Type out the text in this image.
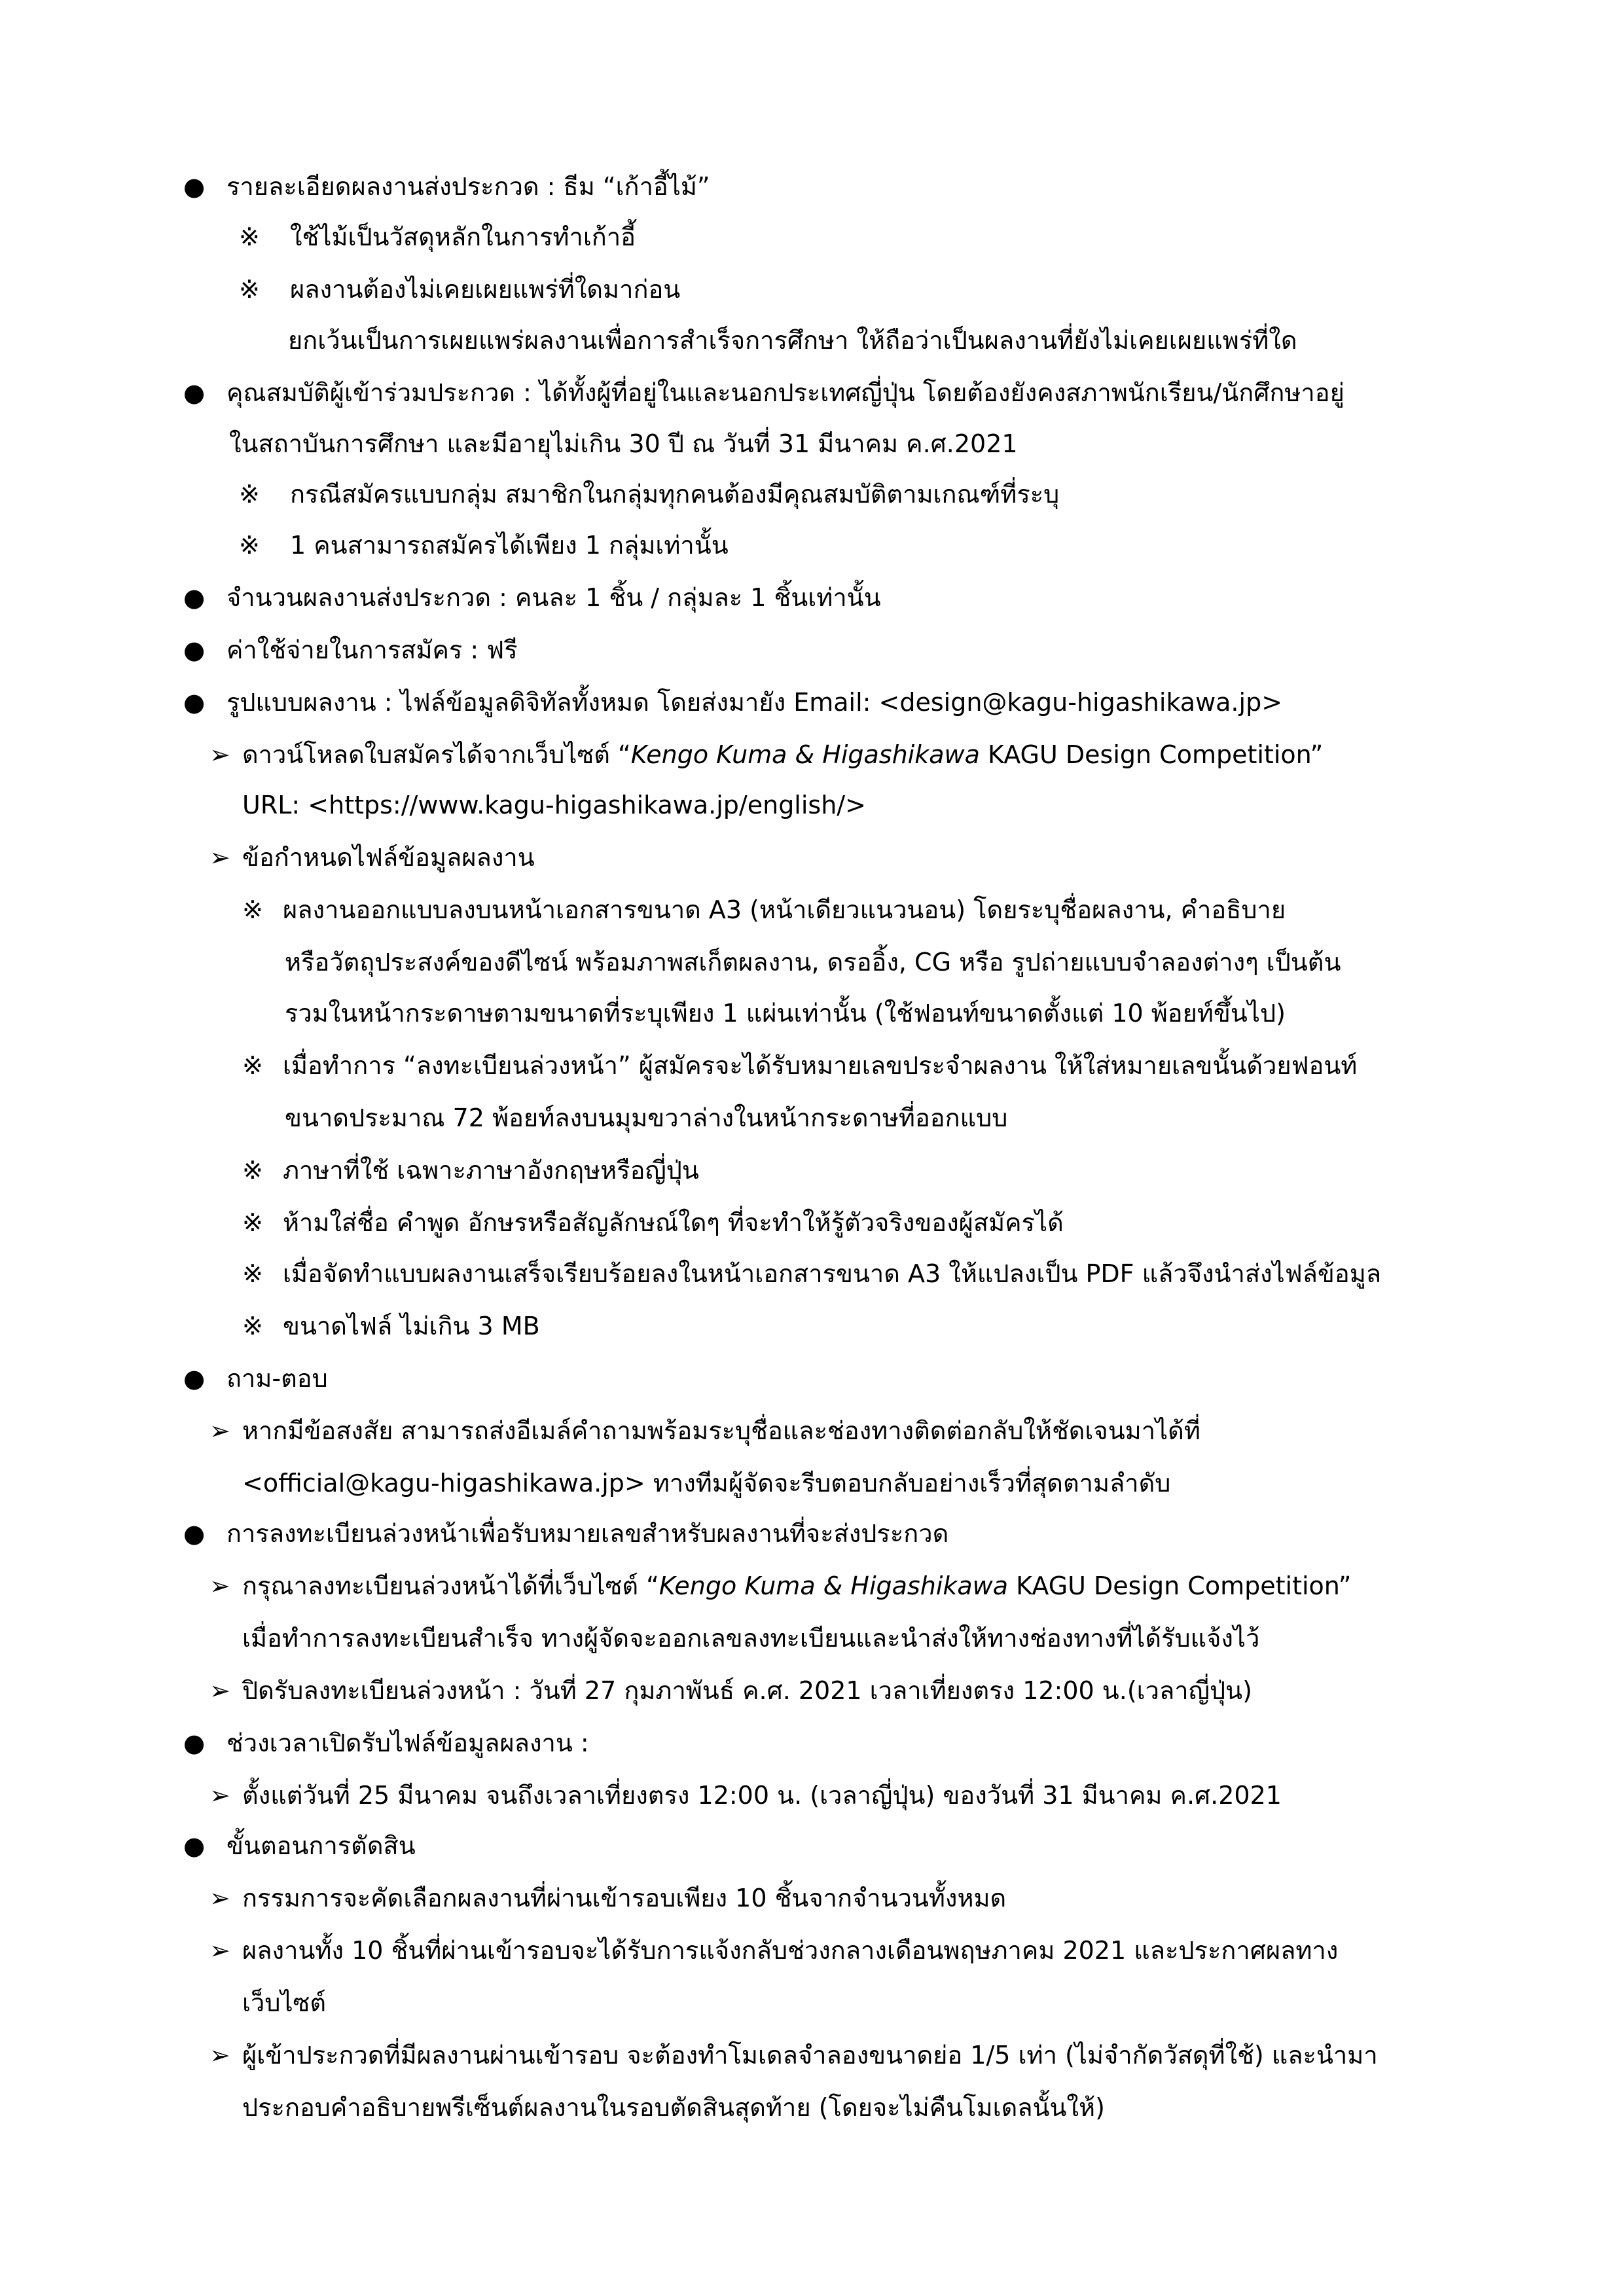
● รายละเอียดผลงานส่งประกวด : ธีม “เก้าอี้ไม้”
※ ใช้ไม้เป็นวัสดุหลักในการทำเก้าอี้
※ ผลงานต้องไม่เคยเผยแพร่ที่ใดมาก่อน
ยกเว้นเป็นการเผยแพร่ผลงานเพื่อการสำเร็จการศึกษา ให้ถือว่าเป็นผลงานที่ยังไม่เคยเผยแพร่ที่ใด
● คุณสมบัติผู้เข้าร่วมประกวด : ได้ทั้งผู้ที่อยู่ในและนอกประเทศญี่ปุ่น โดยต้องยังคงสภาพนักเรียน/นักศึกษาอยู่
ในสถาบันการศึกษา และมีอายุไม่เกิน 30 ปี ณ วันที่ 31 มีนาคม ค.ศ.2021
※ กรณีสมัครแบบกลุ่ม สมาชิกในกลุ่มทุกคนต้องมีคุณสมบัติตามเกณฑ์ที่ระบุ
※ 1 คนสามารถสมัครได้เพียง 1 กลุ่มเท่านั้น
● จำนวนผลงานส่งประกวด : คนละ 1 ชิ้น / กลุ่มละ 1 ชิ้นเท่านั้น
● ค่าใช้จ่ายในการสมัคร : ฟรี
● รูปแบบผลงาน : ไฟล์ข้อมูลดิจิทัลทั้งหมด โดยส่งมายัง Email: <design@kagu-higashikawa.jp>
➢ ดาวน์โหลดใบสมัครได้จากเว็บไซต์ “Kengo Kuma & Higashikawa KAGU Design Competition”
URL: <https://www.kagu-higashikawa.jp/english/>
➢ ข้อกำหนดไฟล์ข้อมูลผลงาน
※ ผลงานออกแบบลงบนหน้าเอกสารขนาด A3 (หน้าเดียวแนวนอน) โดยระบุชื่อผลงาน, คำอธิบาย
หรือวัตถุประสงค์ของดีไซน์ พร้อมภาพสเก็ตผลงาน, ดรออิ้ง, CG หรือ รูปถ่ายแบบจำลองต่างๆ เป็นต้น
รวมในหน้ากระดาษตามขนาดที่ระบุเพียง 1 แผ่นเท่านั้น (ใช้ฟอนท์ขนาดตั้งแต่ 10 พ้อยท์ขึ้นไป)
※ เมื่อทำการ “ลงทะเบียนล่วงหน้า” ผู้สมัครจะได้รับหมายเลขประจำผลงาน ให้ใส่หมายเลขนั้นด้วยฟอนท์
ขนาดประมาณ 72 พ้อยท์ลงบนมุมขวาล่างในหน้ากระดาษที่ออกแบบ
※ ภาษาที่ใช้ เฉพาะภาษาอังกฤษหรือญี่ปุ่น
※ ห้ามใส่ชื่อ คำพูด อักษรหรือสัญลักษณ์ใดๆ ที่จะทำให้รู้ตัวจริงของผู้สมัครได้
※ เมื่อจัดทำแบบผลงานเสร็จเรียบร้อยลงในหน้าเอกสารขนาด A3 ให้แปลงเป็น PDF แล้วจึงนำส่งไฟล์ข้อมูล
※ ขนาดไฟล์ ไม่เกิน 3 MB
● ถาม-ตอบ
➢ หากมีข้อสงสัย สามารถส่งอีเมล์คำถามพร้อมระบุชื่อและช่องทางติดต่อกลับให้ชัดเจนมาได้ที่
<official@kagu-higashikawa.jp> ทางทีมผู้จัดจะรีบตอบกลับอย่างเร็วที่สุดตามลำดับ
● การลงทะเบียนล่วงหน้าเพื่อรับหมายเลขสำหรับผลงานที่จะส่งประกวด
➢ กรุณาลงทะเบียนล่วงหน้าได้ที่เว็บไซต์ “Kengo Kuma & Higashikawa KAGU Design Competition”
เมื่อทำการลงทะเบียนสำเร็จ ทางผู้จัดจะออกเลขลงทะเบียนและนำส่งให้ทางช่องทางที่ได้รับแจ้งไว้
➢ ปิดรับลงทะเบียนล่วงหน้า : วันที่ 27 กุมภาพันธ์ ค.ศ. 2021 เวลาเที่ยงตรง 12:00 น.(เวลาญี่ปุ่น)
● ช่วงเวลาเปิดรับไฟล์ข้อมูลผลงาน :
➢ ตั้งแต่วันที่ 25 มีนาคม จนถึงเวลาเที่ยงตรง 12:00 น. (เวลาญี่ปุ่น) ของวันที่ 31 มีนาคม ค.ศ.2021
● ขั้นตอนการตัดสิน
➢ กรรมการจะคัดเลือกผลงานที่ผ่านเข้ารอบเพียง 10 ชิ้นจากจำนวนทั้งหมด
➢ ผลงานทั้ง 10 ชิ้นที่ผ่านเข้ารอบจะได้รับการแจ้งกลับช่วงกลางเดือนพฤษภาคม 2021 และประกาศผลทาง
เว็บไซต์
➢ ผู้เข้าประกวดที่มีผลงานผ่านเข้ารอบ จะต้องทำโมเดลจำลองขนาดย่อ 1/5 เท่า (ไม่จำกัดวัสดุที่ใช้) และนำมา
ประกอบคำอธิบายพรีเซ็นต์ผลงานในรอบตัดสินสุดท้าย (โดยจะไม่คืนโมเดลนั้นให้)
